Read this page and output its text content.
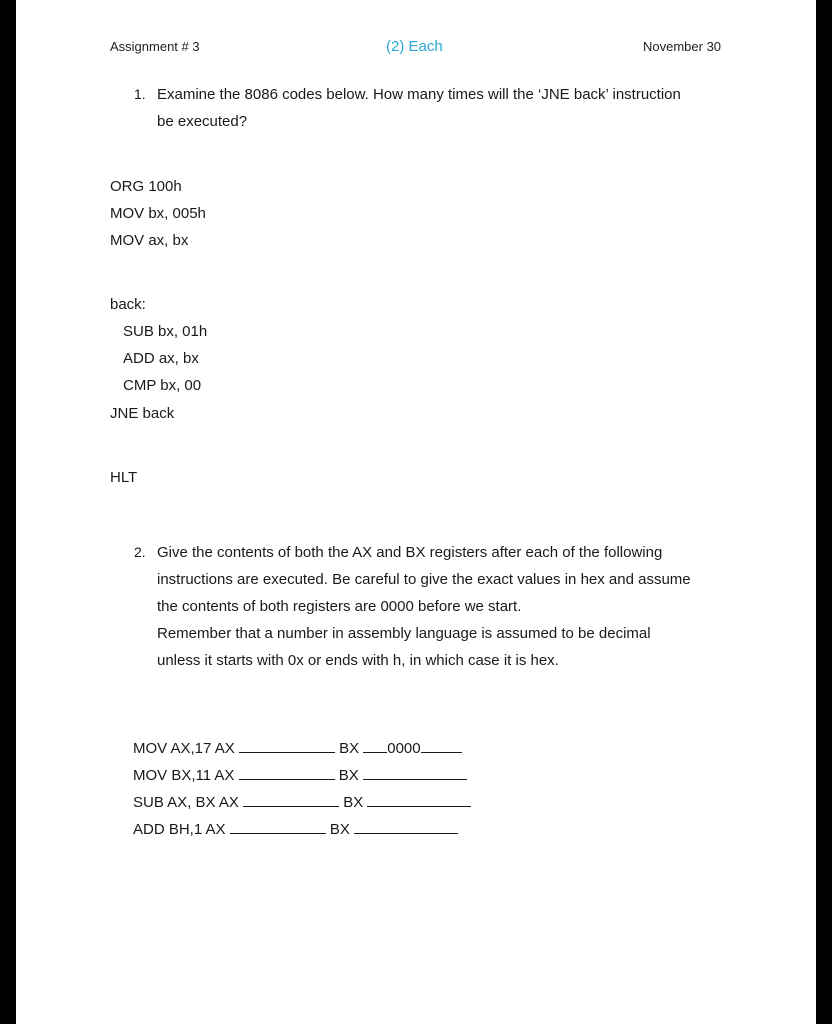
Assignment # 3	(2) Each	November 30
1. Examine the 8086 codes below. How many times will the ‘JNE back’ instruction
be executed?
ORG 100h
MOV bx, 005h
MOV ax, bx
back:
SUB bx, 01h
ADD ax, bx
CMP bx, 00
JNE back
HLT
2. Give the contents of both the AX and BX registers after each of the following
instructions are executed. Be careful to give the exact values in hex and assume
the contents of both registers are 0000 before we start.
Remember that a number in assembly language is assumed to be decimal
unless it starts with 0x or ends with h, in which case it is hex.
MOV AX,17 AX	BX 0000
MOV BX,11 AX	BX
SUB AX, BX AX	BX
ADD BH,1 AX	BX
